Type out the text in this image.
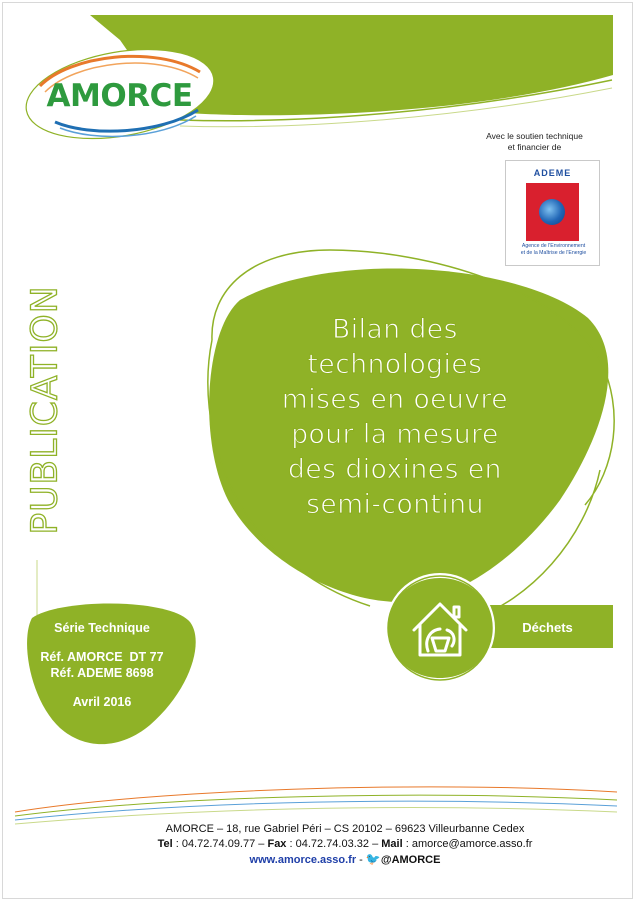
AMORCE
Avec le soutien technique
et financier de
ADEME
Agence de l'Environnement
et de la Maîtrise de l'Energie
PUBLICATION	Bilan des
technologies
mises en oeuvre
pour la mesure
des dioxines en
semi-continu
Déchets
Série Technique
Réf. AMORCE  DT 77
Réf. ADEME 8698
Avril 2016
AMORCE – 18, rue Gabriel Péri – CS 20102 – 69623 Villeurbanne Cedex
Tel : 04.72.74.09.77 – Fax : 04.72.74.03.32 – Mail : amorce@amorce.asso.fr
www.amorce.asso.fr - 🐦@AMORCE
